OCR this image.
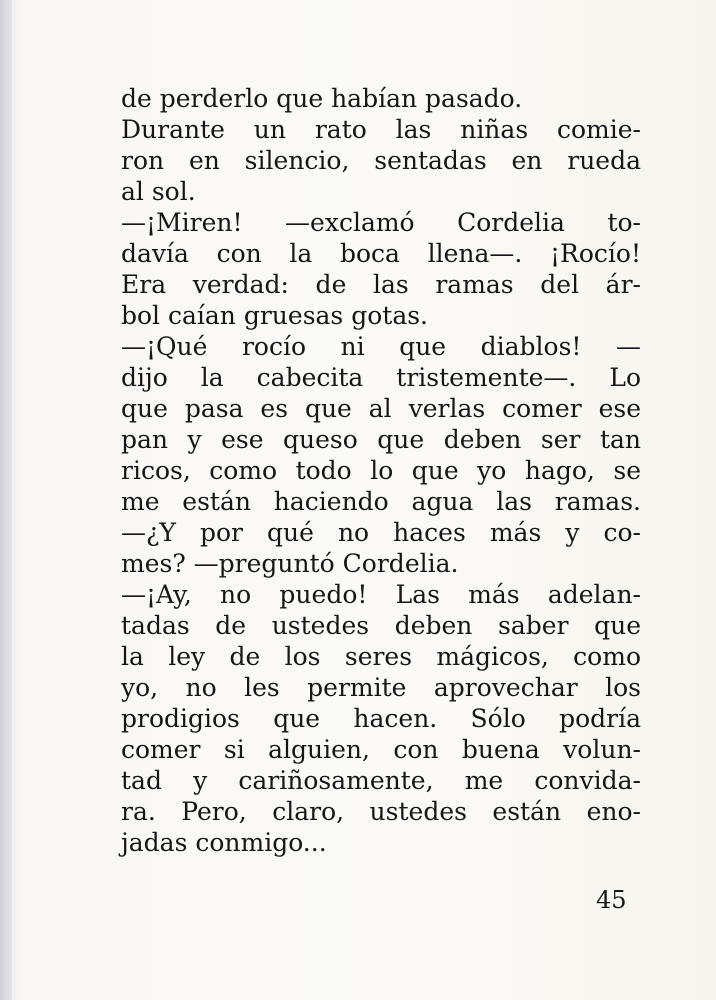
de perderlo que habían pasado.
Durante un rato las niñas comie-
ron en silencio, sentadas en rueda
al sol.
—¡Miren! —exclamó Cordelia to-
davía con la boca llena—. ¡Rocío!
Era verdad: de las ramas del ár-
bol caían gruesas gotas.
—¡Qué rocío ni que diablos! —
dijo la cabecita tristemente—. Lo
que pasa es que al verlas comer ese
pan y ese queso que deben ser tan
ricos, como todo lo que yo hago, se
me están haciendo agua las ramas.
—¿Y por qué no haces más y co-
mes? —preguntó Cordelia.
—¡Ay, no puedo! Las más adelan-
tadas de ustedes deben saber que
la ley de los seres mágicos, como
yo, no les permite aprovechar los
prodigios que hacen. Sólo podría
comer si alguien, con buena volun-
tad y cariñosamente, me convida-
ra. Pero, claro, ustedes están eno-
jadas conmigo...
45
